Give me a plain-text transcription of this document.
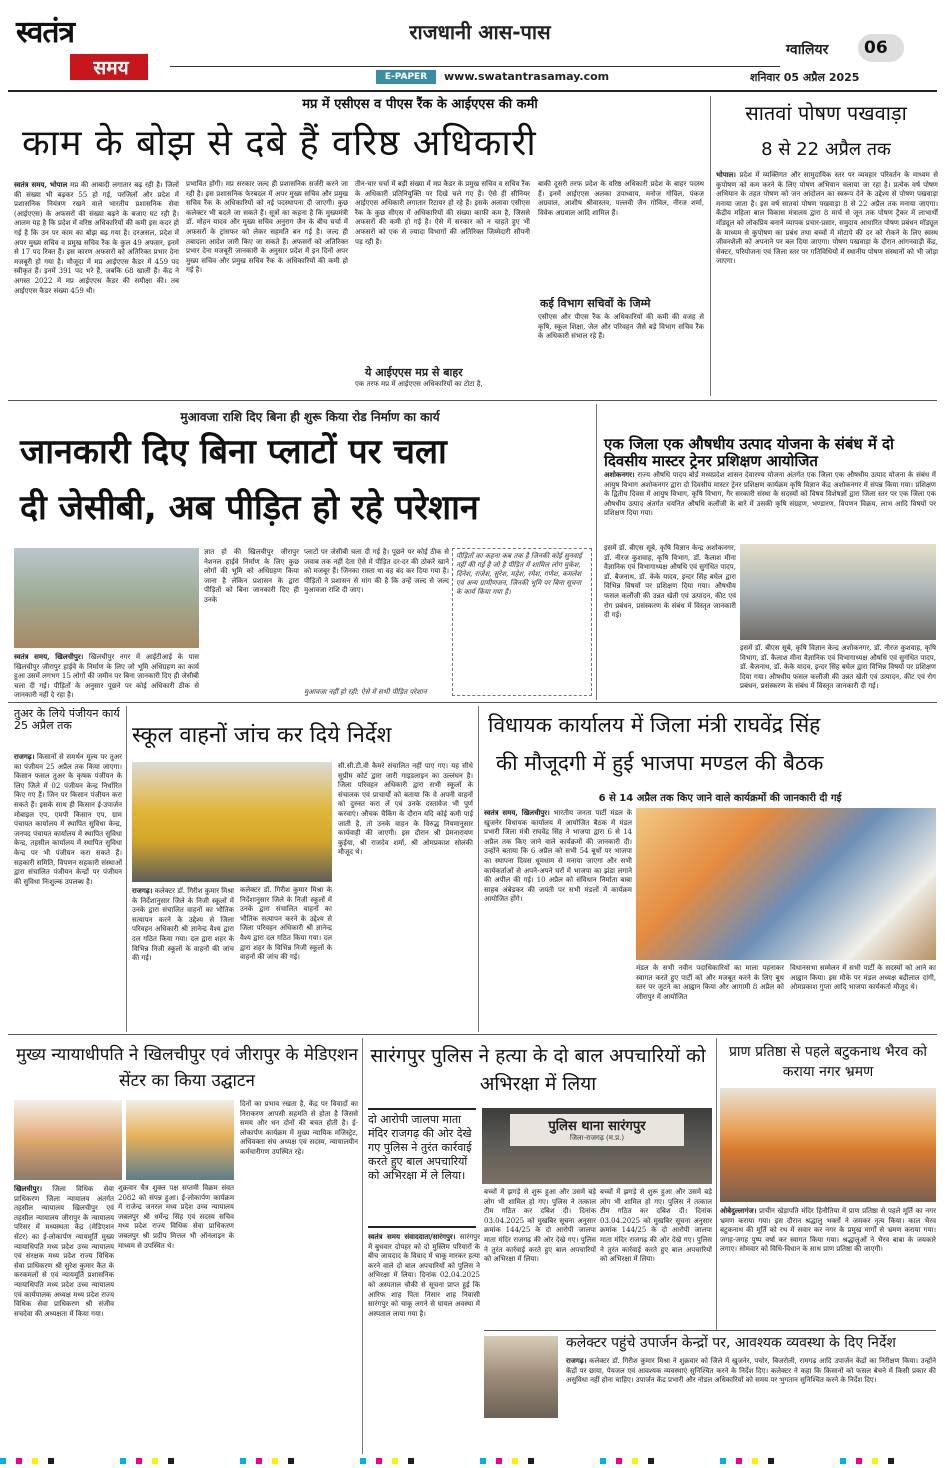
स्वतंत्र
समय
राजधानी आस-पास
E-PAPER	www.swatantrasamay.com
ग्वालियर 06
शनिवार 05 अप्रैल 2025
मप्र में एसीएस व पीएस रैंक के आईएएस की कमी
काम के बोझ से दबे हैं वरिष्ठ अधिकारी
स्वतंत्र समय, भोपाल मप्र की आबादी लगातार बढ़ रही है। जिलों की संख्या भी बढ़कर 55 हो गई, परजिलों और प्रदेश में प्रशासनिक नियंत्रण रखने वाले भारतीय प्रशासनिक सेवा (आईएएस) के अफसरों की संख्या बढ़ने के बजाए घट रही है। आलम यह है कि प्रदेश में वरिष्ठ अधिकारियों की कमी इस कदर हो गई है कि उन पर काम का बोझ बढ़ गया है। दरअसल, प्रदेश में अपर मुख्य सचिव व प्रमुख सचिव रैंक के कुल 49 अफसर, इनमें से 17 पद रिक्त हैं। इस कारण अफसरों को अतिरिक्त प्रभार देना मजबूरी हो गया है। मौजूदा में मप्र आईएएस कैडर में 459 पद स्वीकृत हैं। इनमें 391 पद भरे हैं, जबकि 68 खाली हैं। केंद्र ने अगस्त 2022 में मप्र आईएएस कैडर की समीक्षा की। तब आईएएस कैडर संख्या 459 थी।
प्रभावित होंगी। मप्र सरकार जल्द ही प्रशासनिक सर्जरी करने जा रही है। इस प्रशासनिक फेरबदल में अपर मुख्य सचिव और प्रमुख सचिव रैंक के अधिकारियों को नई पदस्थापना दी जाएगी। कुछ कलेक्टर भी बदले जा सकते हैं। सूत्रों का कहना है कि मुख्यमंत्री डॉ. मोहन यादव और मुख्य सचिव अनुराग जैन के बीच चर्चा में अफसरों के ट्रांसफर को लेकर सहमति बन गई है। जल्द ही तबादला आदेश जारी किए जा सकते हैं। अफसरों को अतिरिक्त प्रभार देना मजबूरी जानकारी के अनुसार प्रदेश में इन दिनों अपर मुख्य सचिव और प्रमुख सचिव रैंक के अधिकारियों की कमी हो गई है।
तीन-चार चर्चा में बड़ी संख्या में मप्र कैडर के प्रमुख सचिव व सचिव रैंक के अधिकारी प्रतिनियुक्ति पर दिखे चले गए हैं। ऐसे ही सीनियर आईएएस अधिकारी लगातार रिटायर हो रहे हैं। इसके अलावा एसीएस रैंक के कुछ सीएस में अधिकारियों की संख्या काफी कम है, जिससे अफसरों की कमी हो गई है। ऐसे में सरकार को न चाहते हुए भी अफसरों को एक से ज्यादा विभागों की अतिरिक्त जिम्मेदारी सौंपनी पड़ रही है।
ये आईएएस मप्र से बाहर
एक तरफ मप्र में आईएएस अधिकारियों का टोटा है,
बाकी दूसरी तरफ प्रदेश के वरिष्ठ अधिकारी प्रदेश के बाहर पदस्थ हैं। इनमें आईएएस अलका उपाध्याय, मनोज गोविल, पंकज अग्रवाल, आशीष श्रीवास्तव, पल्लवी जैन गोविल, नीरज शर्मा, विवेक अग्रवाल आदि शामिल हैं।
कई विभाग सचिवों के जिम्मे
एसीएस और पीएस रैंक के अधिकारियों की कमी की वजह से कृषि, स्कूल शिक्षा, जेल और परिवहन जैसे बड़े विभाग सचिव रैंक के अधिकारी संभाल रहे हैं।
सातवां पोषण पखवाड़ा
8 से 22 अप्रैल तक
भोपाल। प्रदेश में व्यक्तिगत और सामुदायिक स्तर पर व्यवहार परिवर्तन के माध्यम से कुपोषण को कम करने के लिए पोषण अभियान चलाया जा रहा है। प्रत्येक वर्ष पोषण अभियान के तहत पोषण को जन आंदोलन का स्वरूप देने के उद्देश्य से पोषण पखवाड़ा मनाया जाता है। इस वर्ष सातवां पोषण पखवाड़ा 8 से 22 अप्रैल तक मनाया जाएगा। केंद्रीय महिला बाल विकास मंत्रालय द्वारा 8 मार्च से जून तक पोषण ट्रैकर में लाभार्थी मॉड्यूल को लोकप्रिय बनाने व्यापक प्रचार-प्रसार, समुदाय आधारित पोषण प्रबंधन मॉड्यूल के माध्यम से कुपोषण का प्रबंध तथा बच्चों में मोटापे की दर को रोकने के लिए स्वस्थ जीवनशैली को अपनाने पर बल दिया जाएगा। पोषण पखवाड़ा के दौरान आंगनवाड़ी केंद्र, सेक्टर, परियोजना एवं जिला स्तर पर गतिविधियों में स्थानीय पोषण संस्थानों को भी जोड़ा जाएगा।
मुआवजा राशि दिए बिना ही शुरू किया रोड निर्माण का कार्य
जानकारी दिए बिना प्लाटों पर चला
दी जेसीबी, अब पीड़ित हो रहे परेशान
स्वतंत्र समय, खिलचीपुर। खिलचीपुर नगर में आईटीआई के पास खिलचीपुर जीरापुर हाईवे के निर्माण के लिए जो भूमि अधिग्रहण का कार्य हुआ उसमें लगभग 15 लोगों की जमीन पर बिना जानकारी दिए ही जेसीबी चला दी गई। पीड़ितों के अनुसार पूछने पर कोई अधिकारी ठीक से जानकारी नहीं दे रहा है।
ज्ञात हो की खिलचीपुर जीरापुर नेशनल हाईवे निर्माण के लिए कुछ लोगों की भूमि को अधिग्रहण किया जाना है लेकिन प्रशासन के द्वारा पीड़ितों को बिना जानकारी दिए ही उनके
प्लाटों पर जेसीबी चला दी गई है। पूछने पर कोई ठीक से जवाब तक नहीं देता ऐसे में पीड़ित दर-दर की ठोकरें खाने को मजबूर हैं। जिनका रास्ता था वह बंद कर दिया गया है। पीड़ितों ने प्रशासन से मांग की है कि उन्हें जल्द से जल्द मुआवजा राशि दी जाए।
मुआवजा नहीं हो रही: ऐसे में सभी पीड़ित परेशान
पीड़ितों का कहना कब तक है जिनकी कोई सुनवाई नहीं की गई है जो है पीड़ित में शामिल लोग मुकेश, दिनेश, राजेश, सुरेश, महेश, रमेश, गणेश, कमलेश एवं अन्य ग्रामीणजन, जिनकी भूमि पर बिना सूचना के कार्य किया गया है।
एक जिला एक औषधीय उत्पाद योजना के संबंध में दो दिवसीय मास्टर ट्रेनर प्रशिक्षण आयोजित
अशोकनगर। राज्य औषधि पादप बोर्ड मध्यप्रदेश शासन देवारण्य योजना अंतर्गत एक जिला एक औषधीय उत्पाद योजना के संबंध में आयुष विभाग अशोकनगर द्वारा दो दिवसीय मास्टर ट्रेनर प्रशिक्षण कार्यक्रम कृषि विज्ञान केंद्र अशोकनगर में संपन्न किया गया। प्रशिक्षण के द्वितीय दिवस में आयुष विभाग, कृषि विभाग, गैर सरकारी संस्था के सदस्यों को विषय विशेषज्ञों द्वारा जिला स्तर पर एक जिला एक औषधीय उत्पाद अंतर्गत चयनित औषधि कलौंजी के बारे में उसकी कृषि संग्रहण, भण्डारण, विपणन विक्रय, लाभ आदि विषयों पर प्रशिक्षण दिया गया।
इसमें डॉ. बीएस सूबे, कृषि विज्ञान केन्द्र अशोकनगर, डॉ. नीरज कुशवाह, कृषि विभाग, डॉ. कैलाश मीना वैज्ञानिक एवं विभागाध्यक्ष औषधि एवं सुगंधित पादप, डॉ. बैजनाथ, डॉ. केके यादव, इन्दर सिंह बघेल द्वारा विभिन्न विषयों पर प्रशिक्षण दिया गया। औषधीय फसल कलौंजी की उन्नत खेती एवं उत्पादन, कीट एवं रोग प्रबंधन, प्रसंस्करण के संबंध में विस्तृत जानकारी दी गई।
इसमें डॉ. बीएस सूबे, कृषि विज्ञान केन्द्र अशोकनगर, डॉ. नीरज कुशवाह, कृषि विभाग, डॉ. कैलाश मीना वैज्ञानिक एवं विभागाध्यक्ष औषधि एवं सुगंधित पादप, डॉ. बैजनाथ, डॉ. केके यादव, इन्दर सिंह बघेल द्वारा विभिन्न विषयों पर प्रशिक्षण दिया गया। औषधीय फसल कलौंजी की उन्नत खेती एवं उत्पादन, कीट एवं रोग प्रबंधन, प्रसंस्करण के संबंध में विस्तृत जानकारी दी गई।
तुअर के लिये पंजीयन कार्य 25 अप्रैल तक
राजगढ़। किसानों से समर्थन मूल्य पर तुअर का पंजीयन 25 अप्रैल तक किया जाएगा। किसान फसल तुअर के कृषक पंजीयन के लिए जिले में 02 पंजीयन केन्द्र निर्धारित किए गए हैं। जिन पर किसान पंजीयन करा सकते हैं। इसके साथ ही किसान ई-उपार्जन मोबाइल एप, एमपी किसान एप, ग्राम पंचायत कार्यालय में स्थापित सुविधा केन्द्र, जनपद पंचायत कार्यालय में स्थापित सुविधा केन्द्र, तहसील कार्यालय में स्थापित सुविधा केन्द्र पर भी पंजीयन करा सकते हैं। सहकारी समिति, विपणन सहकारी संस्थाओं द्वारा संचालित पंजीयन केन्द्रों पर पंजीयन की सुविधा निःशुल्क उपलब्ध है।
स्कूल वाहनों जांच कर दिये निर्देश
राजगढ़। कलेक्टर डॉ. गिरीश कुमार मिश्रा के निर्देशानुसार जिले के निजी स्कूलों में उनके द्वारा संचालित वाहनों का भौतिक सत्यापन करने के उद्देश्य से जिला परिवहन अधिकारी श्री ज्ञानेन्द्र वैश्य द्वारा दल गठित किया गया। दल द्वारा शहर के विभिन्न निजी स्कूलों के वाहनों की जांच की गई।
कलेक्टर डॉ. गिरीश कुमार मिश्रा के निर्देशानुसार जिले के निजी स्कूलों में उनके द्वारा संचालित वाहनों का भौतिक सत्यापन करने के उद्देश्य से जिला परिवहन अधिकारी श्री ज्ञानेन्द्र वैश्य द्वारा दल गठित किया गया। दल द्वारा शहर के विभिन्न निजी स्कूलों के वाहनों की जांच की गई।
सी.सी.टी.वी कैमरे संचालित नहीं पाए गए। यह सीधे सुप्रीम कोर्ट द्वारा जारी गाइडलाइन का उल्लंघन है। जिला परिवहन अधिकारी द्वारा सभी स्कूलों के संचालक एवं प्राचार्यों को बताया कि वे अपनी वाहनों को दुरुस्त करा लें एवं उनके दस्तावेज भी पूर्ण करवाएं। औचक चैकिंग के दौरान यदि कोई कमी पाई जाती है, तो उनके वाहन के विरुद्ध नियमानुसार कार्यवाही की जाएगी। इस दौरान श्री प्रेमनारायण कुईया, श्री राजदेव शर्मा, श्री ओमप्रकाश सोलंकी मौजूद थे।
विधायक कार्यालय में जिला मंत्री राघवेंद्र सिंह
की मौजूदगी में हुई भाजपा मण्डल की बैठक
6 से 14 अप्रैल तक किए जाने वाले कार्यक्रमों की जानकारी दी गई
स्वतंत्र समय, खिलचीपुर। भारतीय जनता पार्टी मंडल के खुजनेर विधायक कार्यालय में आयोजित बैठक में मंडल प्रभारी जिला मंत्री राघवेंद्र सिंह ने भाजपा द्वारा 6 से 14 अप्रैल तक किए जाने वाले कार्यक्रमों की जानकारी दी। उन्होंने बताया कि 6 अप्रैल को सभी 54 बूथों पर भाजपा का स्थापना दिवस धूमधाम से मनाया जाएगा और सभी कार्यकर्ताओं से अपने-अपने घरों में भाजपा का झंडा लगाने की अपील की गई। 10 अप्रैल को संविधान निर्माता बाबा साहब अंबेडकर की जयंती पर सभी मंडलों में कार्यक्रम आयोजित होंगे।
मंडल के सभी नवीन पदाधिकारियों का माला पहनाकर स्वागत करते हुए पार्टी को और मजबूत करने के लिए बूथ स्तर पर जुटने का आह्वान किया और आगामी 8 अप्रैल को जीरापुर में आयोजित
विधानसभा सम्मेलन में सभी पार्टी के सदस्यों को आने का आह्वान किया। इस मौके पर मंडल अध्यक्ष बद्रीलाल दांगी, ओमप्रकाश गुप्ता आदि भाजपा कार्यकर्ता मौजूद थे।
मुख्य न्यायाधीपति ने खिलचीपुर एवं जीरापुर के मेडिएशन सेंटर का किया उद्घाटन
खिलचीपुर। जिला विधिक सेवा प्राधिकरण जिला न्यायालय अंतर्गत तहसील न्यायालय खिलचीपुर एवं तहसील न्यायालय जीरापुर के न्यायालय परिसर में मध्यस्थता केंद्र (मेडिएशन सेंटर) का ई-लोकार्पण न्यायमूर्ति मुख्य न्यायाधिपति मध्य प्रदेश उच्च न्यायालय एवं संरक्षक मध्य प्रदेश राज्य विधिक सेवा प्राधिकरण श्री सुरेश कुमार कैत के करकमलों से एवं न्यायमूर्ति प्रशासनिक न्यायाधिपति मध्य प्रदेश उच्च न्यायालय एवं कार्यपालक अध्यक्ष मध्य प्रदेश राज्य विधिक सेवा प्राधिकरण श्री संजीव सचदेवा की अध्यक्षता में किया गया।
शुक्रवार चैत्र शुक्ल पक्ष सप्तमी विक्रम संवत 2082 को संपन्न हुआ। ई-लोकार्पण कार्यक्रम में राजेन्द्र जनरल मध्य प्रदेश उच्च न्यायालय जबलपुर श्री धर्मेन्द्र सिंह एवं सदस्य सचिव मध्य प्रदेश राज्य विधिक सेवा प्राधिकरण जबलपुर श्री प्रदीप मित्तल भी ऑनलाइन के माध्यम से उपस्थित थे।
दिनों का प्रभाव रखता है, केंद्र पर विवादों का निराकरण आपसी सहमति से होता है जिससे समय और धन दोनों की बचत होती है। ई-लोकार्पण कार्यक्रम में मुख्य न्यायिक मजिस्ट्रेट, अधिवक्ता संघ अध्यक्ष एवं सदस्य, न्यायालयीन कर्मचारीगण उपस्थित रहे।
सारंगपुर पुलिस ने हत्या के दो बाल अपचारियों को अभिरक्षा में लिया
दो आरोपी जालपा माता मंदिर राजगढ़ की ओर देखे गए पुलिस ने तुरंत कार्रवाई करते हुए बाल अपचारियों को अभिरक्षा में ले लिया।
पुलिस थाना सारंगपुर
जिला-राजगढ़ (म.प्र.)
स्वतंत्र समय संवाददाता/सारंगपुर। सारंगपुर में बुधवार दोपहर को दो मुस्लिम परिवारों के बीच जायदाद के विवाद में चाकू मारकर हत्या करने वाले दो बाल अपचारियों को पुलिस ने अभिरक्षा में लिया। दिनांक 02.04.2025 को अस्पताल चौकी से सूचना प्राप्त हुई कि आरिफ शाह पिता निसार शाह निवासी सारंगपुर को चाकू लगने से घायल अवस्था में अस्पताल लाया गया है।
बच्चों में झगड़े से शुरू हुआ और उसमें बड़े लोग भी शामिल हो गए। पुलिस ने तत्काल टीम गठित कर दबिश दी। दिनांक 03.04.2025 को मुखबिर सूचना अनुसार क्रमांक 144/25 के दो आरोपी जालपा माता मंदिर राजगढ़ की ओर देखे गए। पुलिस ने तुरंत कार्रवाई करते हुए बाल अपचारियों को अभिरक्षा में लिया।
बच्चों में झगड़े से शुरू हुआ और उसमें बड़े लोग भी शामिल हो गए। पुलिस ने तत्काल टीम गठित कर दबिश दी। दिनांक 03.04.2025 को मुखबिर सूचना अनुसार क्रमांक 144/25 के दो आरोपी जालपा माता मंदिर राजगढ़ की ओर देखे गए। पुलिस ने तुरंत कार्रवाई करते हुए बाल अपचारियों को अभिरक्षा में लिया।
प्राण प्रतिष्ठा से पहले बटुकनाथ भैरव को कराया नगर भ्रमण
ओबेदुल्लागंज। प्राचीन खेड़ापति मंदिर हिनौतिया में प्राण प्रतिष्ठा से पहले मूर्ति का नगर भ्रमण कराया गया। इस दौरान श्रद्धालु भक्तों ने जमकर नृत्य किया। काल भैरव बटुकनाथ की मूर्ति को रथ में सवार कर नगर के प्रमुख मार्गों से भ्रमण कराया गया। जगह-जगह पुष्प वर्षा कर स्वागत किया गया। श्रद्धालुओं ने भैरव बाबा के जयकारे लगाए। सोमवार को विधि-विधान के साथ प्राण प्रतिष्ठा की जाएगी।
कलेक्टर पहुंचे उपार्जन केन्द्रों पर, आवश्यक व्यवस्था के दिए निर्देश
राजगढ़। कलेक्टर डॉ. गिरीश कुमार मिश्रा ने शुक्रवार को जिले में खुजनेर, पचोर, बिजरोली, रामगढ़ आदि उपार्जन केंद्रों का निरीक्षण किया। उन्होंने केंद्रों पर छाया, पेयजल एवं आवश्यक व्यवस्थाएं सुनिश्चित करने के निर्देश दिए। कलेक्टर ने कहा कि किसानों को फसल बेचने में किसी प्रकार की असुविधा नहीं होना चाहिए। उपार्जन केंद्र प्रभारी और नोडल अधिकारियों को समय पर भुगतान सुनिश्चित करने के निर्देश दिए।
